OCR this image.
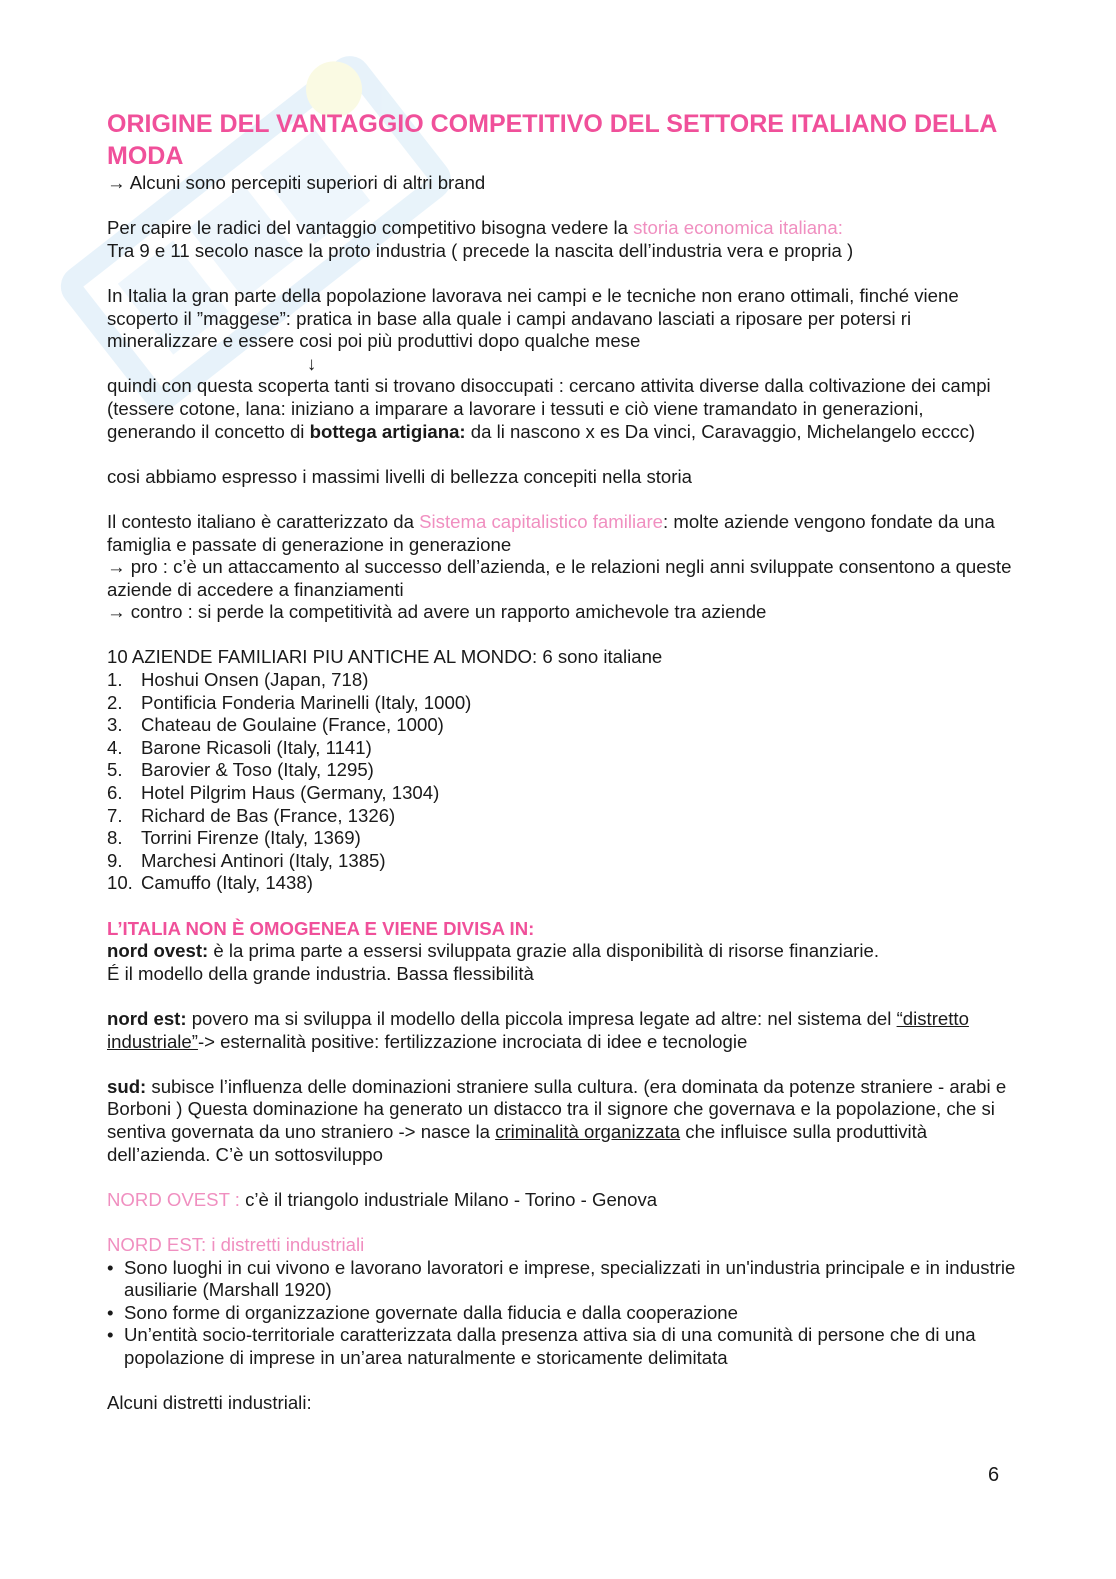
ORIGINE DEL VANTAGGIO COMPETITIVO DEL SETTORE ITALIANO DELLA MODA
→ Alcuni sono percepiti superiori di altri brand
Per capire le radici del vantaggio competitivo bisogna vedere la storia economica italiana:
Tra 9 e 11 secolo nasce la proto industria ( precede la nascita dell’industria vera e propria )
In Italia la gran parte della popolazione lavorava nei campi e le tecniche non erano ottimali, finché viene scoperto il ”maggese”: pratica in base alla quale i campi andavano lasciati a riposare per potersi ri mineralizzare e essere cosi poi più produttivi dopo qualche mese
↓
quindi con questa scoperta tanti si trovano disoccupati : cercano attivita diverse dalla coltivazione dei campi (tessere cotone, lana: iniziano a imparare a lavorare i tessuti e ciò viene tramandato in generazioni, generando il concetto di bottega artigiana: da li nascono x es Da vinci, Caravaggio, Michelangelo ecccc)
cosi abbiamo espresso i massimi livelli di bellezza concepiti nella storia
Il contesto italiano è caratterizzato da Sistema capitalistico familiare: molte aziende vengono fondate da una famiglia e passate di generazione in generazione
→ pro : c’è un attaccamento al successo dell’azienda, e le relazioni negli anni sviluppate consentono a queste aziende di accedere a finanziamenti
→ contro : si perde la competitività ad avere un rapporto amichevole tra aziende
10 AZIENDE FAMILIARI PIU ANTICHE AL MONDO: 6 sono italiane
1. Hoshui Onsen (Japan, 718)
2. Pontificia Fonderia Marinelli (Italy, 1000)
3. Chateau de Goulaine (France, 1000)
4. Barone Ricasoli (Italy, 1141)
5. Barovier & Toso (Italy, 1295)
6. Hotel Pilgrim Haus (Germany, 1304)
7. Richard de Bas (France, 1326)
8. Torrini Firenze (Italy, 1369)
9. Marchesi Antinori (Italy, 1385)
10. Camuffo (Italy, 1438)
L’ITALIA NON È OMOGENEA E VIENE DIVISA IN:
nord ovest: è la prima parte a essersi sviluppata grazie alla disponibilità di risorse finanziarie.
É il modello della grande industria. Bassa flessibilità
nord est: povero ma si sviluppa il modello della piccola impresa legate ad altre: nel sistema del “distretto industriale”-> esternalità positive: fertilizzazione incrociata di idee e tecnologie
sud: subisce l’influenza delle dominazioni straniere sulla cultura. (era dominata da potenze straniere - arabi e Borboni ) Questa dominazione ha generato un distacco tra il signore che governava e la popolazione, che si sentiva governata da uno straniero -> nasce la criminalità organizzata che influisce sulla produttività dell’azienda. C’è un sottosviluppo
NORD OVEST : c’è il triangolo industriale Milano - Torino - Genova
NORD EST: i distretti industriali
• Sono luoghi in cui vivono e lavorano lavoratori e imprese, specializzati in un'industria principale e in industrie ausiliarie (Marshall 1920)
• Sono forme di organizzazione governate dalla fiducia e dalla cooperazione
• Un’entità socio-territoriale caratterizzata dalla presenza attiva sia di una comunità di persone che di una popolazione di imprese in un’area naturalmente e storicamente delimitata
Alcuni distretti industriali:
6
